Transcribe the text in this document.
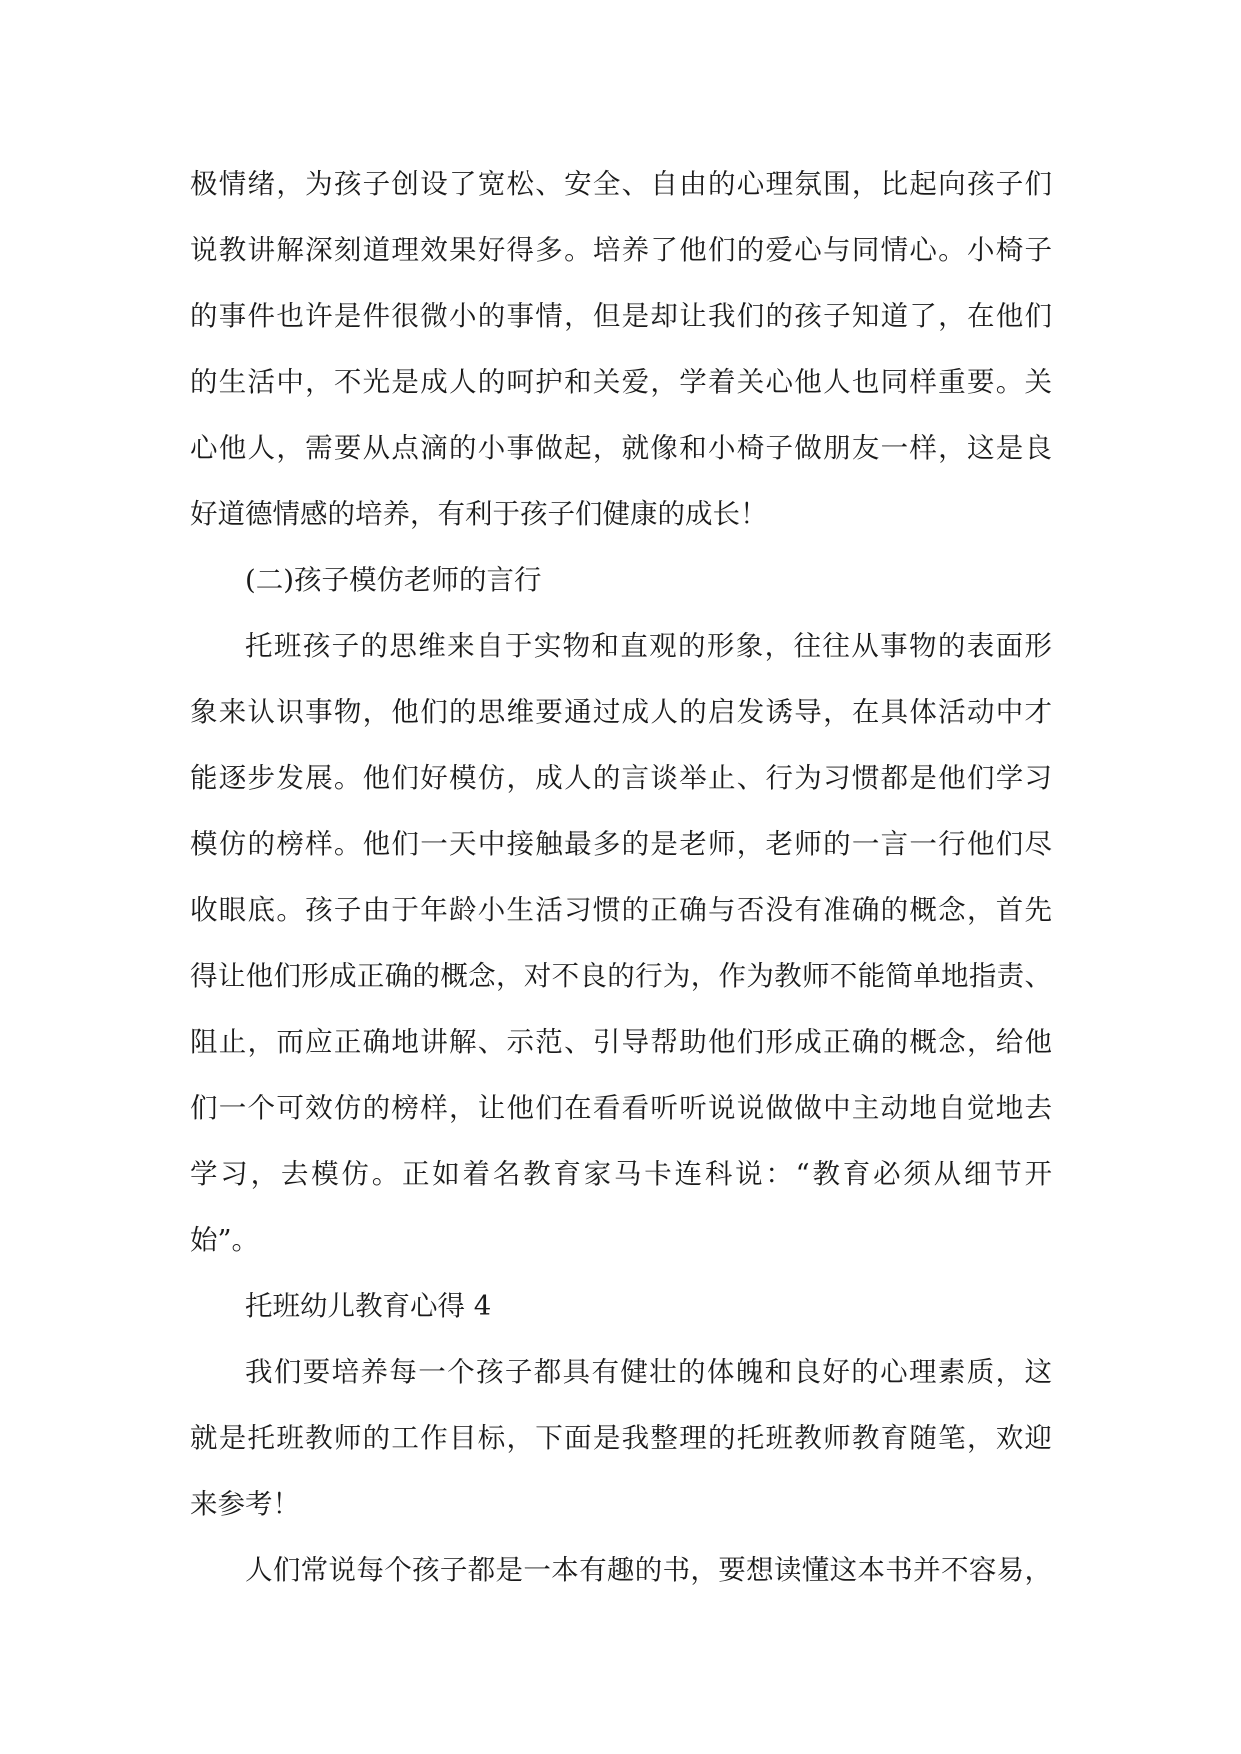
极情绪，为孩子创设了宽松、安全、自由的心理氛围，比起向孩子们
说教讲解深刻道理效果好得多。培养了他们的爱心与同情心。小椅子
的事件也许是件很微小的事情，但是却让我们的孩子知道了，在他们
的生活中，不光是成人的呵护和关爱，学着关心他人也同样重要。关
心他人，需要从点滴的小事做起，就像和小椅子做朋友一样，这是良
好道德情感的培养，有利于孩子们健康的成长！
(二)孩子模仿老师的言行
托班孩子的思维来自于实物和直观的形象，往往从事物的表面形
象来认识事物，他们的思维要通过成人的启发诱导，在具体活动中才
能逐步发展。他们好模仿，成人的言谈举止、行为习惯都是他们学习
模仿的榜样。他们一天中接触最多的是老师，老师的一言一行他们尽
收眼底。孩子由于年龄小生活习惯的正确与否没有准确的概念，首先
得让他们形成正确的概念，对不良的行为，作为教师不能简单地指责、
阻止，而应正确地讲解、示范、引导帮助他们形成正确的概念，给他
们一个可效仿的榜样，让他们在看看听听说说做做中主动地自觉地去
学习，去模仿。正如着名教育家马卡连科说：“教育必须从细节开
始”。
托班幼儿教育心得 4
我们要培养每一个孩子都具有健壮的体魄和良好的心理素质，这
就是托班教师的工作目标，下面是我整理的托班教师教育随笔，欢迎
来参考！
人们常说每个孩子都是一本有趣的书，要想读懂这本书并不容易，
